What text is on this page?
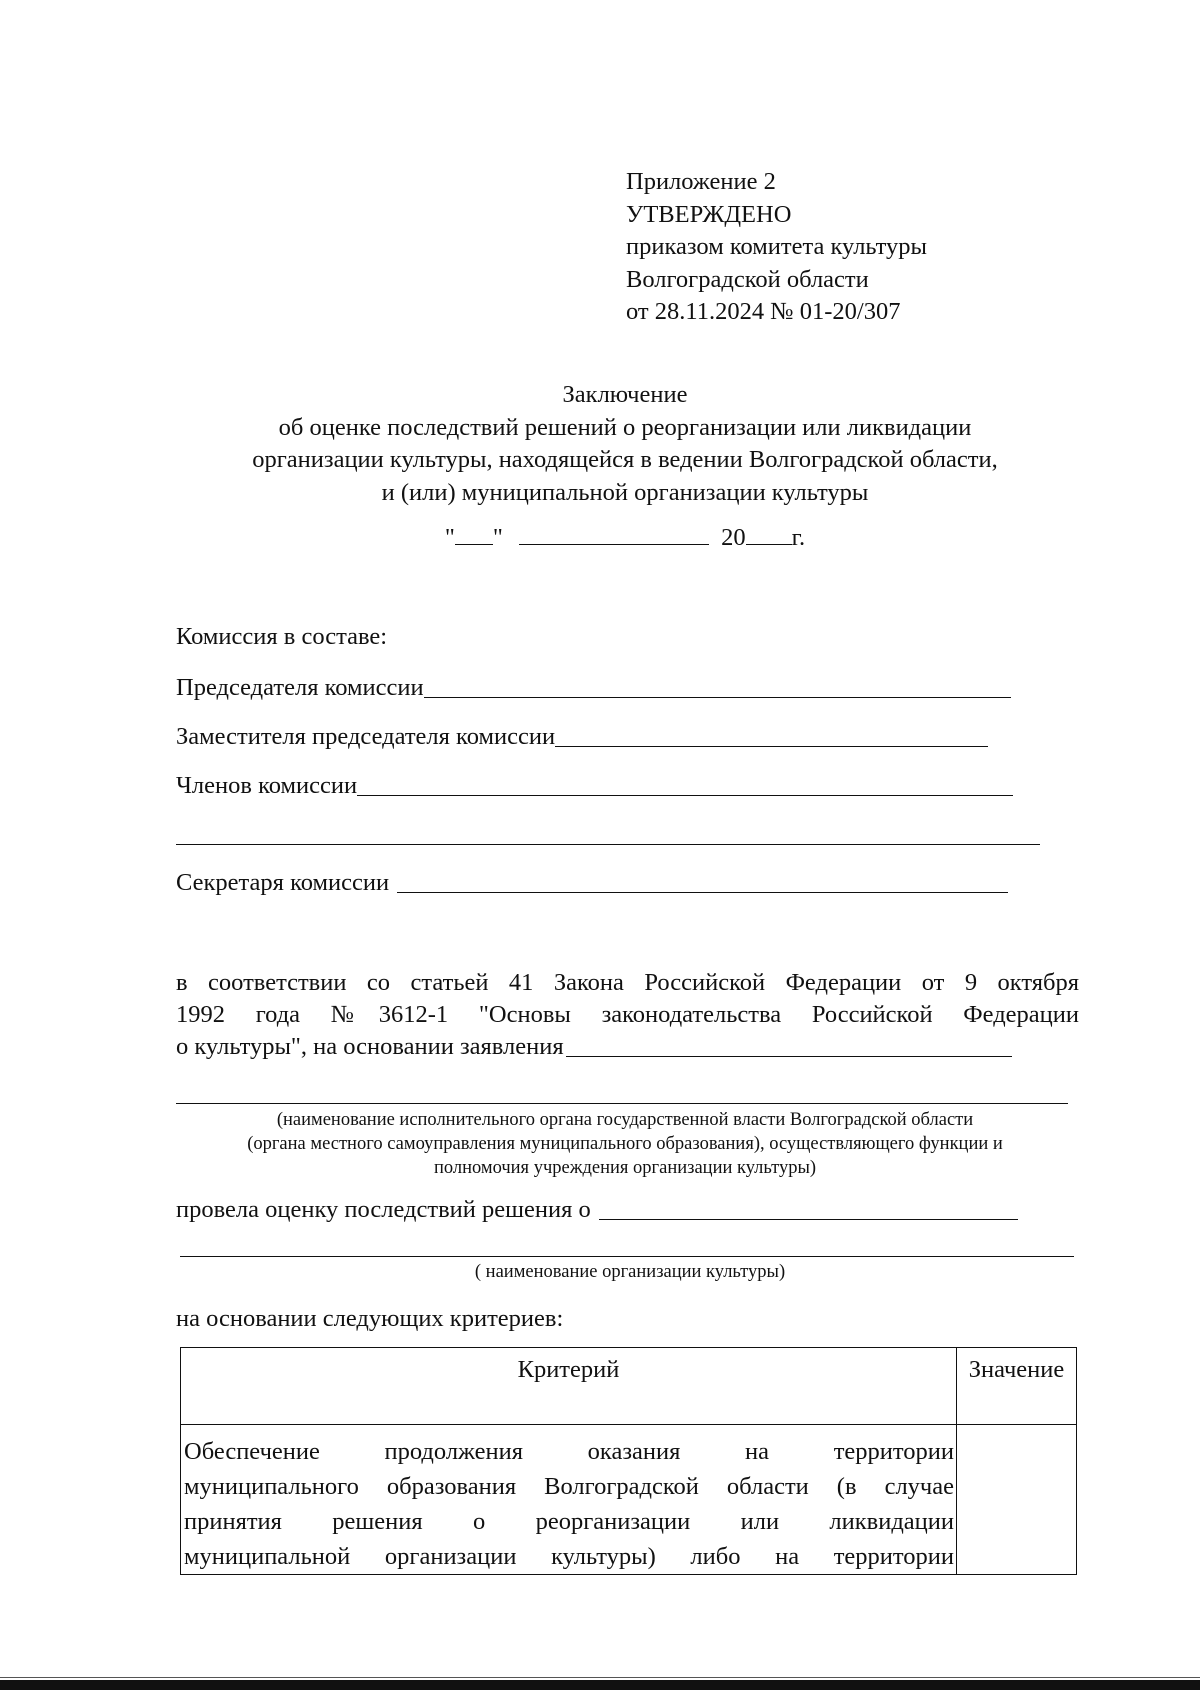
Приложение 2
УТВЕРЖДЕНО
приказом комитета культуры
Волгоградской области
от 28.11.2024 № 01-20/307
Заключение
об оценке последствий решений о реорганизации или ликвидации
организации культуры, находящейся в ведении Волгоградской области,
и (или) муниципальной организации культуры
" "	20 г.
Комиссия в составе:
Председателя комиссии
Заместителя председателя комиссии
Членов комиссии
Секретаря комиссии
в соответствии со статьей 41 Закона Российской Федерации от 9 октября
1992 года №3612-1 "Основы законодательства Российской Федерации
о культуры", на основании заявления
(наименование исполнительного органа государственной власти Волгоградской области
(органа местного самоуправления муниципального образования), осуществляющего функции и
полномочия учреждения организации культуры)
провела оценку последствий решения о
( наименование организации культуры)
на основании следующих критериев:
Критерий	Значение

Обеспечение продолжения оказания на территории
муниципального образования Волгоградской области (в случае
принятия решения о реорганизации или ликвидации
муниципальной организации культуры) либо на территории	
